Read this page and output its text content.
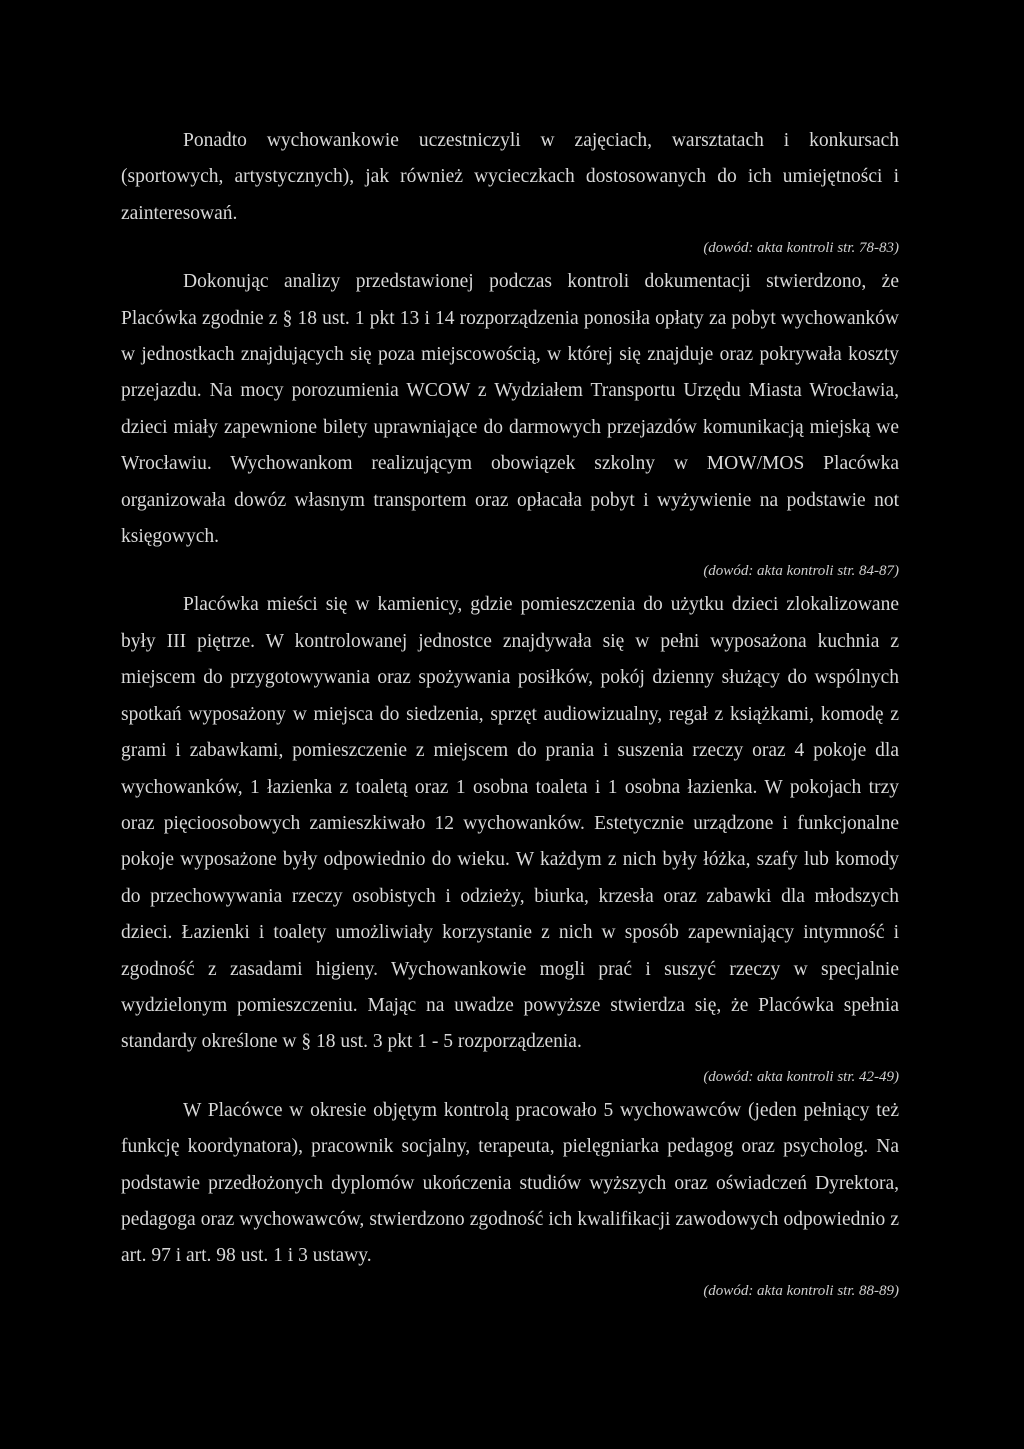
Ponadto wychowankowie uczestniczyli w zajęciach, warsztatach i konkursach (sportowych, artystycznych), jak również wycieczkach dostosowanych do ich umiejętności i zainteresowań.

(dowód: akta kontroli str. 78-83)

Dokonując analizy przedstawionej podczas kontroli dokumentacji stwierdzono, że Placówka zgodnie z § 18 ust. 1 pkt 13 i 14 rozporządzenia ponosiła opłaty za pobyt wychowanków w jednostkach znajdujących się poza miejscowością, w której się znajduje oraz pokrywała koszty przejazdu. Na mocy porozumienia WCOW z Wydziałem Transportu Urzędu Miasta Wrocławia, dzieci miały zapewnione bilety uprawniające do darmowych przejazdów komunikacją miejską we Wrocławiu. Wychowankom realizującym obowiązek szkolny w MOW/MOS Placówka organizowała dowóz własnym transportem oraz opłacała pobyt i wyżywienie na podstawie not księgowych.

(dowód: akta kontroli str. 84-87)

Placówka mieści się w kamienicy, gdzie pomieszczenia do użytku dzieci zlokalizowane były III piętrze. W kontrolowanej jednostce znajdywała się w pełni wyposażona kuchnia z miejscem do przygotowywania oraz spożywania posiłków, pokój dzienny służący do wspólnych spotkań wyposażony w miejsca do siedzenia, sprzęt audiowizualny, regał z książkami, komodę z grami i zabawkami, pomieszczenie z miejscem do prania i suszenia rzeczy oraz 4 pokoje dla wychowanków, 1 łazienka z toaletą oraz 1 osobna toaleta i 1 osobna łazienka. W pokojach trzy oraz pięcioosobowych zamieszkiwało 12 wychowanków. Estetycznie urządzone i funkcjonalne pokoje wyposażone były odpowiednio do wieku. W każdym z nich były łóżka, szafy lub komody do przechowywania rzeczy osobistych i odzieży, biurka, krzesła oraz zabawki dla młodszych dzieci. Łazienki i toalety umożliwiały korzystanie z nich w sposób zapewniający intymność i zgodność z zasadami higieny. Wychowankowie mogli prać i suszyć rzeczy w specjalnie wydzielonym pomieszczeniu. Mając na uwadze powyższe stwierdza się, że Placówka spełnia standardy określone w § 18 ust. 3 pkt 1 - 5 rozporządzenia.

(dowód: akta kontroli str. 42-49)

W Placówce w okresie objętym kontrolą pracowało 5 wychowawców (jeden pełniący też funkcję koordynatora), pracownik socjalny, terapeuta, pielęgniarka pedagog oraz psycholog. Na podstawie przedłożonych dyplomów ukończenia studiów wyższych oraz oświadczeń Dyrektora, pedagoga oraz wychowawców, stwierdzono zgodność ich kwalifikacji zawodowych odpowiednio z art. 97 i art. 98 ust. 1 i 3 ustawy.

(dowód: akta kontroli str. 88-89)
